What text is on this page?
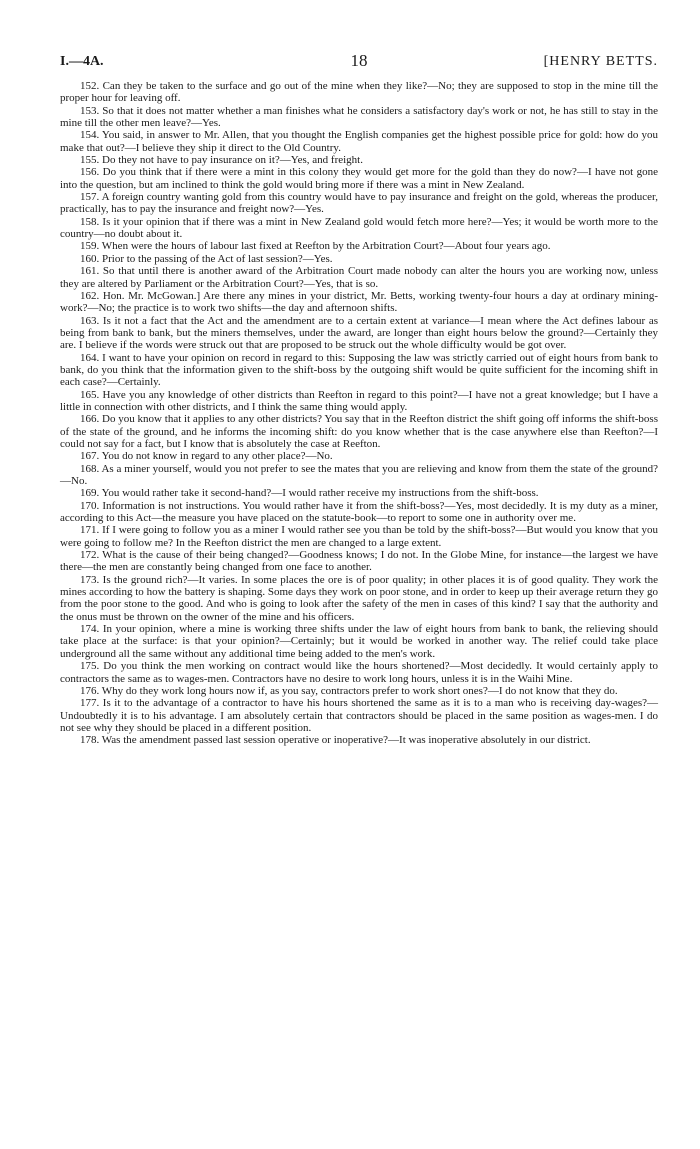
I.—4A.	18	[HENRY BETTS.

152. Can they be taken to the surface and go out of the mine when they like?—No; they are supposed to stop in the mine till the proper hour for leaving off.

153. So that it does not matter whether a man finishes what he considers a satisfactory day's work or not, he has still to stay in the mine till the other men leave?—Yes.

154. You said, in answer to Mr. Allen, that you thought the English companies get the highest possible price for gold: how do you make that out?—I believe they ship it direct to the Old Country.

155. Do they not have to pay insurance on it?—Yes, and freight.

156. Do you think that if there were a mint in this colony they would get more for the gold than they do now?—I have not gone into the question, but am inclined to think the gold would bring more if there was a mint in New Zealand.

157. A foreign country wanting gold from this country would have to pay insurance and freight on the gold, whereas the producer, practically, has to pay the insurance and freight now?—Yes.

158. Is it your opinion that if there was a mint in New Zealand gold would fetch more here?—Yes; it would be worth more to the country—no doubt about it.

159. When were the hours of labour last fixed at Reefton by the Arbitration Court?—About four years ago.

160. Prior to the passing of the Act of last session?—Yes.

161. So that until there is another award of the Arbitration Court made nobody can alter the hours you are working now, unless they are altered by Parliament or the Arbitration Court?—Yes, that is so.

162. Hon. Mr. McGowan.] Are there any mines in your district, Mr. Betts, working twenty-four hours a day at ordinary mining-work?—No; the practice is to work two shifts—the day and afternoon shifts.

163. Is it not a fact that the Act and the amendment are to a certain extent at variance—I mean where the Act defines labour as being from bank to bank, but the miners themselves, under the award, are longer than eight hours below the ground?—Certainly they are. I believe if the words were struck out that are proposed to be struck out the whole difficulty would be got over.

164. I want to have your opinion on record in regard to this: Supposing the law was strictly carried out of eight hours from bank to bank, do you think that the information given to the shift-boss by the outgoing shift would be quite sufficient for the incoming shift in each case?—Certainly.

165. Have you any knowledge of other districts than Reefton in regard to this point?—I have not a great knowledge; but I have a little in connection with other districts, and I think the same thing would apply.

166. Do you know that it applies to any other districts? You say that in the Reefton district the shift going off informs the shift-boss of the state of the ground, and he informs the incoming shift: do you know whether that is the case anywhere else than Reefton?—I could not say for a fact, but I know that is absolutely the case at Reefton.

167. You do not know in regard to any other place?—No.

168. As a miner yourself, would you not prefer to see the mates that you are relieving and know from them the state of the ground?—No.

169. You would rather take it second-hand?—I would rather receive my instructions from the shift-boss.

170. Information is not instructions. You would rather have it from the shift-boss?—Yes, most decidedly. It is my duty as a miner, according to this Act—the measure you have placed on the statute-book—to report to some one in authority over me.

171. If I were going to follow you as a miner I would rather see you than be told by the shift-boss?—But would you know that you were going to follow me? In the Reefton district the men are changed to a large extent.

172. What is the cause of their being changed?—Goodness knows; I do not. In the Globe Mine, for instance—the largest we have there—the men are constantly being changed from one face to another.

173. Is the ground rich?—It varies. In some places the ore is of poor quality; in other places it is of good quality. They work the mines according to how the battery is shaping. Some days they work on poor stone, and in order to keep up their average return they go from the poor stone to the good. And who is going to look after the safety of the men in cases of this kind? I say that the authority and the onus must be thrown on the owner of the mine and his officers.

174. In your opinion, where a mine is working three shifts under the law of eight hours from bank to bank, the relieving should take place at the surface: is that your opinion?—Certainly; but it would be worked in another way. The relief could take place underground all the same without any additional time being added to the men's work.

175. Do you think the men working on contract would like the hours shortened?—Most decidedly. It would certainly apply to contractors the same as to wages-men. Contractors have no desire to work long hours, unless it is in the Waihi Mine.

176. Why do they work long hours now if, as you say, contractors prefer to work short ones?—I do not know that they do.

177. Is it to the advantage of a contractor to have his hours shortened the same as it is to a man who is receiving day-wages?—Undoubtedly it is to his advantage. I am absolutely certain that contractors should be placed in the same position as wages-men. I do not see why they should be placed in a different position.

178. Was the amendment passed last session operative or inoperative?—It was inoperative absolutely in our district.
